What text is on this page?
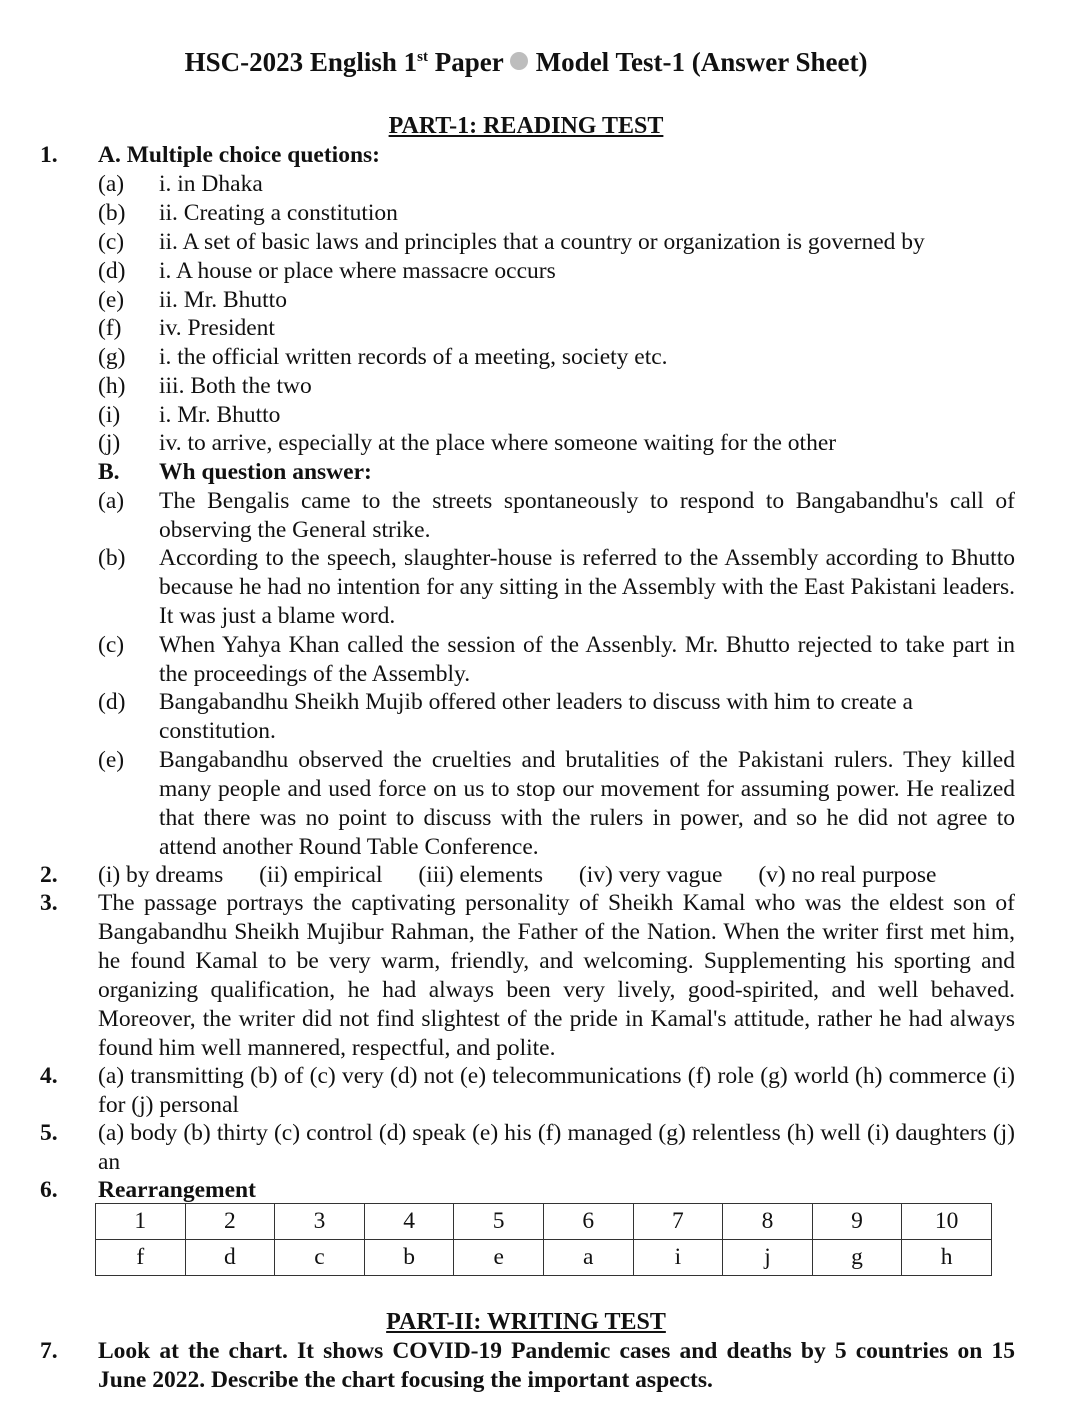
HSC-2023 English 1st Paper Model Test-1 (Answer Sheet)
PART-1: READING TEST
1. A. Multiple choice quetions:
(a) i. in Dhaka
(b) ii. Creating a constitution
(c) ii. A set of basic laws and principles that a country or organization is governed by
(d) i. A house or place where massacre occurs
(e) ii. Mr. Bhutto
(f) iv. President
(g) i. the official written records of a meeting, society etc.
(h) iii. Both the two
(i) i. Mr. Bhutto
(j) iv. to arrive, especially at the place where someone waiting for the other
B. Wh question answer:
(a) The Bengalis came to the streets spontaneously to respond to Bangabandhu's call of observing the General strike.
(b) According to the speech, slaughter-house is referred to the Assembly according to Bhutto because he had no intention for any sitting in the Assembly with the East Pakistani leaders. It was just a blame word.
(c) When Yahya Khan called the session of the Assenbly. Mr. Bhutto rejected to take part in the proceedings of the Assembly.
(d) Bangabandhu Sheikh Mujib offered other leaders to discuss with him to create a
constitution.
(e) Bangabandhu observed the cruelties and brutalities of the Pakistani rulers. They killed many people and used force on us to stop our movement for assuming power. He realized that there was no point to discuss with the rulers in power, and so he did not agree to attend another Round Table Conference.
2. (i) by dreams (ii) empirical (iii) elements (iv) very vague (v) no real purpose
3. The passage portrays the captivating personality of Sheikh Kamal who was the eldest son of Bangabandhu Sheikh Mujibur Rahman, the Father of the Nation. When the writer first met him, he found Kamal to be very warm, friendly, and welcoming. Supplementing his sporting and organizing qualification, he had always been very lively, good-spirited, and well behaved. Moreover, the writer did not find slightest of the pride in Kamal's attitude, rather he had always found him well mannered, respectful, and polite.
4. (a) transmitting (b) of (c) very (d) not (e) telecommunications (f) role (g) world (h) commerce (i) for (j) personal
5. (a) body (b) thirty (c) control (d) speak (e) his (f) managed (g) relentless (h) well (i) daughters (j) an
6. Rearrangement
1	2	3	4	5	6	7	8	9	10
f	d	c	b	e	a	i	j	g	h
PART-II: WRITING TEST
7. Look at the chart. It shows COVID-19 Pandemic cases and deaths by 5 countries on 15 June 2022. Describe the chart focusing the important aspects.
